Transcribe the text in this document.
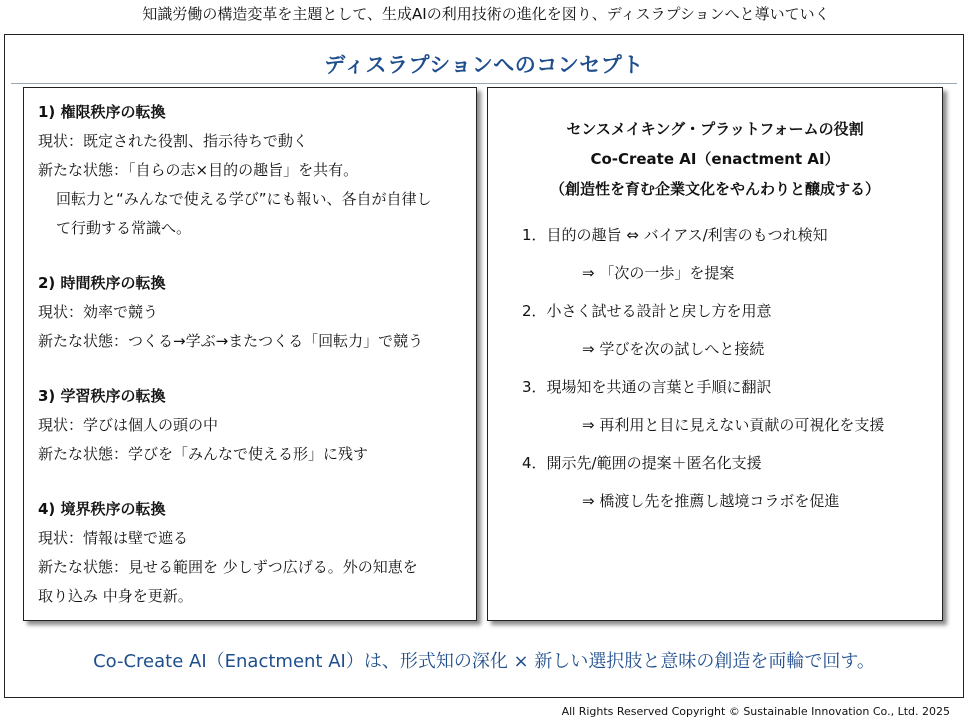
知識労働の構造変革を主題として、生成AIの利用技術の進化を図り、ディスラプションへと導いていく
ディスラプションへのコンセプト
1) 権限秩序の転換
現状：既定された役割、指示待ちで動く
新たな状態：「自らの志×目的の趣旨」を共有。
回転力と“みんなで使える学び”にも報い、各自が自律し
て行動する常識へ。
2) 時間秩序の転換
現状：効率で競う
新たな状態：つくる→学ぶ→またつくる「回転力」で競う
3) 学習秩序の転換
現状：学びは個人の頭の中
新たな状態：学びを「みんなで使える形」に残す
4) 境界秩序の転換
現状：情報は壁で遮る
新たな状態：見せる範囲を 少しずつ広げる。外の知恵を
取り込み 中身を更新。
センスメイキング・プラットフォームの役割
Co-Create AI（enactment AI）
（創造性を育む企業文化をやんわりと醸成する）
1．目的の趣旨 ⇔ バイアス/利害のもつれ検知
⇒ 「次の一歩」を提案
2．小さく試せる設計と戻し方を用意
⇒ 学びを次の試しへと接続
3．現場知を共通の言葉と手順に翻訳
⇒ 再利用と目に見えない貢献の可視化を支援
4．開示先/範囲の提案＋匿名化支援
⇒ 橋渡し先を推薦し越境コラボを促進
Co-Create AI（Enactment AI）は、形式知の深化 × 新しい選択肢と意味の創造を両輪で回す。
All Rights Reserved Copyright © Sustainable Innovation Co., Ltd. 2025
